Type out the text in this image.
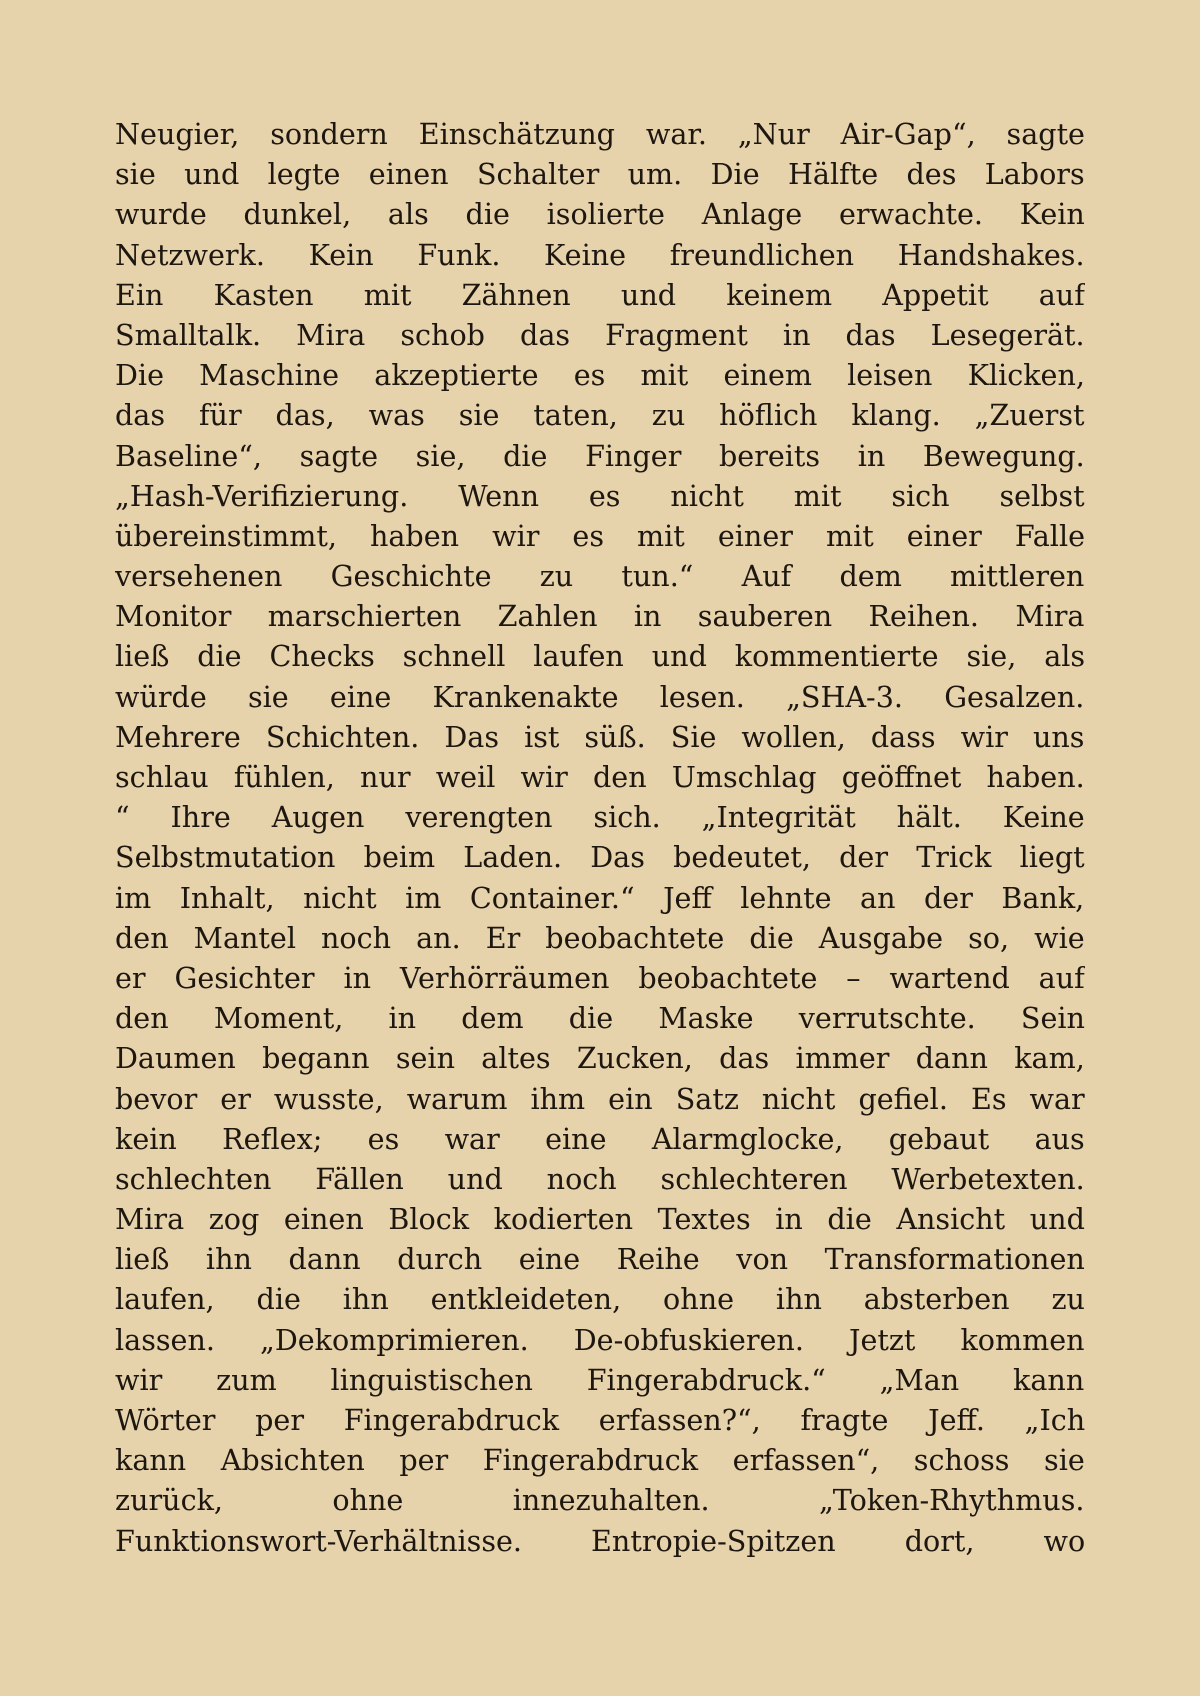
Neugier, sondern Einschätzung war. „Nur Air-Gap“, sagte
sie und legte einen Schalter um. Die Hälfte des Labors
wurde dunkel, als die isolierte Anlage erwachte. Kein
Netzwerk. Kein Funk. Keine freundlichen Handshakes.
Ein Kasten mit Zähnen und keinem Appetit auf
Smalltalk. Mira schob das Fragment in das Lesegerät.
Die Maschine akzeptierte es mit einem leisen Klicken,
das für das, was sie taten, zu höflich klang. „Zuerst
Baseline“, sagte sie, die Finger bereits in Bewegung.
„Hash-Verifizierung. Wenn es nicht mit sich selbst
übereinstimmt, haben wir es mit einer mit einer Falle
versehenen Geschichte zu tun.“ Auf dem mittleren
Monitor marschierten Zahlen in sauberen Reihen. Mira
ließ die Checks schnell laufen und kommentierte sie, als
würde sie eine Krankenakte lesen. „SHA-3. Gesalzen.
Mehrere Schichten. Das ist süß. Sie wollen, dass wir uns
schlau fühlen, nur weil wir den Umschlag geöffnet haben.
“ Ihre Augen verengten sich. „Integrität hält. Keine
Selbstmutation beim Laden. Das bedeutet, der Trick liegt
im Inhalt, nicht im Container.“ Jeff lehnte an der Bank,
den Mantel noch an. Er beobachtete die Ausgabe so, wie
er Gesichter in Verhörräumen beobachtete – wartend auf
den Moment, in dem die Maske verrutschte. Sein
Daumen begann sein altes Zucken, das immer dann kam,
bevor er wusste, warum ihm ein Satz nicht gefiel. Es war
kein Reflex; es war eine Alarmglocke, gebaut aus
schlechten Fällen und noch schlechteren Werbetexten.
Mira zog einen Block kodierten Textes in die Ansicht und
ließ ihn dann durch eine Reihe von Transformationen
laufen, die ihn entkleideten, ohne ihn absterben zu
lassen. „Dekomprimieren. De-obfuskieren. Jetzt kommen
wir zum linguistischen Fingerabdruck.“ „Man kann
Wörter per Fingerabdruck erfassen?“, fragte Jeff. „Ich
kann Absichten per Fingerabdruck erfassen“, schoss sie
zurück, ohne innezuhalten. „Token-Rhythmus.
Funktionswort-Verhältnisse. Entropie-Spitzen dort, wo
